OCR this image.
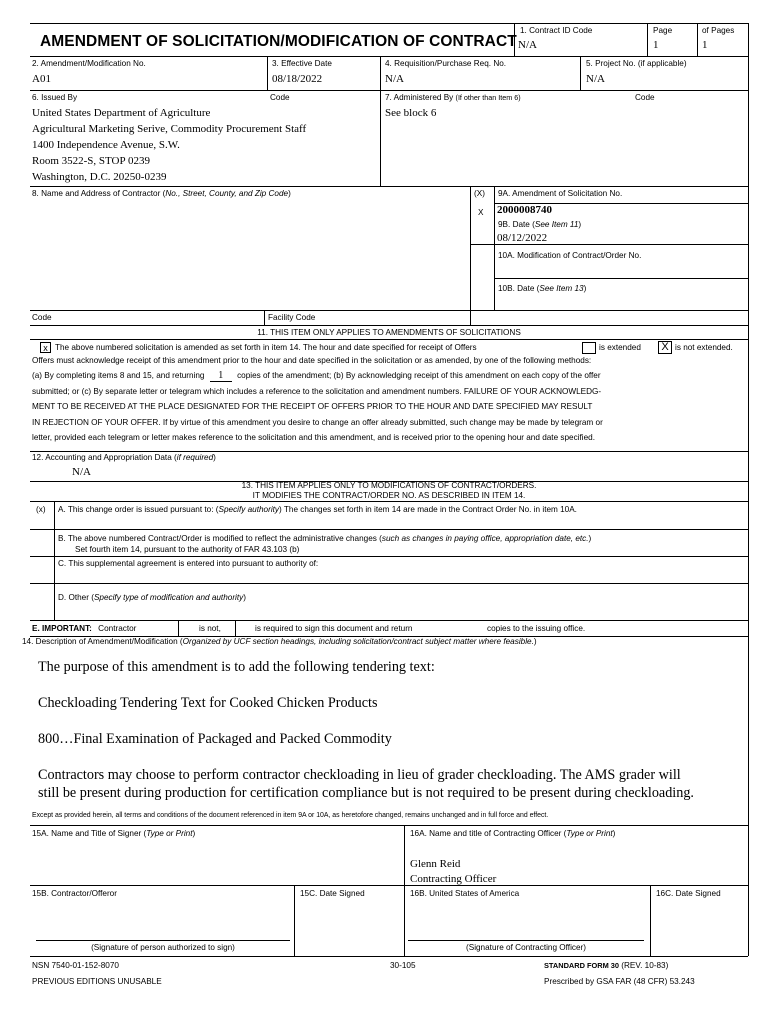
AMENDMENT OF SOLICITATION/MODIFICATION OF CONTRACT
1. Contract ID Code
N/A
Page
1
of Pages
1
2. Amendment/Modification No.
A01
3. Effective Date
08/18/2022
4. Requisition/Purchase Req. No.
N/A
5. Project No. (if applicable)
N/A
6. Issued By	Code
United States Department of Agriculture
Agricultural Marketing Serive, Commodity Procurement Staff
1400 Independence Avenue, S.W.
Room 3522-S, STOP 0239
Washington, D.C. 20250-0239
7. Administered By (If other than Item 6)	Code
See block 6
8. Name and Address of Contractor (No., Street, County, and Zip Code)	(X)
X
9A. Amendment of Solicitation No.
2000008740
9B. Date (See Item 11)
08/12/2022
10A. Modification of Contract/Order No.
10B. Date (See Item 13)
Code	Facility Code
11. THIS ITEM ONLY APPLIES TO AMENDMENTS OF SOLICITATIONS
x The above numbered solicitation is amended as set forth in item 14. The hour and date specified for receipt of Offers	is extended	X is not extended.
Offers must acknowledge receipt of this amendment prior to the hour and date specified in the solicitation or as amended, by one of the following methods:
(a) By completing items 8 and 15, and returning 1 copies of the amendment; (b) By acknowledging receipt of this amendment on each copy of the offer
submitted; or (c) By separate letter or telegram which includes a reference to the solicitation and amendment numbers. FAILURE OF YOUR ACKNOWLEDG-
MENT TO BE RECEIVED AT THE PLACE DESIGNATED FOR THE RECEIPT OF OFFERS PRIOR TO THE HOUR AND DATE SPECIFIED MAY RESULT
IN REJECTION OF YOUR OFFER. If by virtue of this amendment you desire to change an offer already submitted, such change may be made by telegram or
letter, provided each telegram or letter makes reference to the solicitation and this amendment, and is received prior to the opening hour and date specified.
12. Accounting and Appropriation Data (if required)
N/A
13. THIS ITEM APPLIES ONLY TO MODIFICATIONS OF CONTRACT/ORDERS.
IT MODIFIES THE CONTRACT/ORDER NO. AS DESCRIBED IN ITEM 14.
(x) A. This change order is issued pursuant to: (Specify authority) The changes set forth in item 14 are made in the Contract Order No. in item 10A.
B. The above numbered Contract/Order is modified to reflect the administrative changes (such as changes in paying office, appropriation date, etc.)
Set fourth item 14, pursuant to the authority of FAR 43.103 (b)
C. This supplemental agreement is entered into pursuant to authority of:
D. Other (Specify type of modification and authority)
E. IMPORTANT: Contractor	is not,	is required to sign this document and return	copies to the issuing office.
14. Description of Amendment/Modification (Organized by UCF section headings, including solicitation/contract subject matter where feasible.)
The purpose of this amendment is to add the following tendering text:
Checkloading Tendering Text for Cooked Chicken Products
800…Final Examination of Packaged and Packed Commodity
Contractors may choose to perform contractor checkloading in lieu of grader checkloading. The AMS grader will
still be present during production for certification compliance but is not required to be present during checkloading.
Except as provided herein, all terms and conditions of the document referenced in item 9A or 10A, as heretofore changed, remains unchanged and in full force and effect.
15A. Name and Title of Signer (Type or Print)	16A. Name and title of Contracting Officer (Type or Print)
Glenn Reid
Contracting Officer
15B. Contractor/Offeror	15C. Date Signed	16B. United States of America	16C. Date Signed
(Signature of person authorized to sign)	(Signature of Contracting Officer)
NSN 7540-01-152-8070
PREVIOUS EDITIONS UNUSABLE
30-105	STANDARD FORM 30 (REV. 10-83)
Prescribed by GSA FAR (48 CFR) 53.243
